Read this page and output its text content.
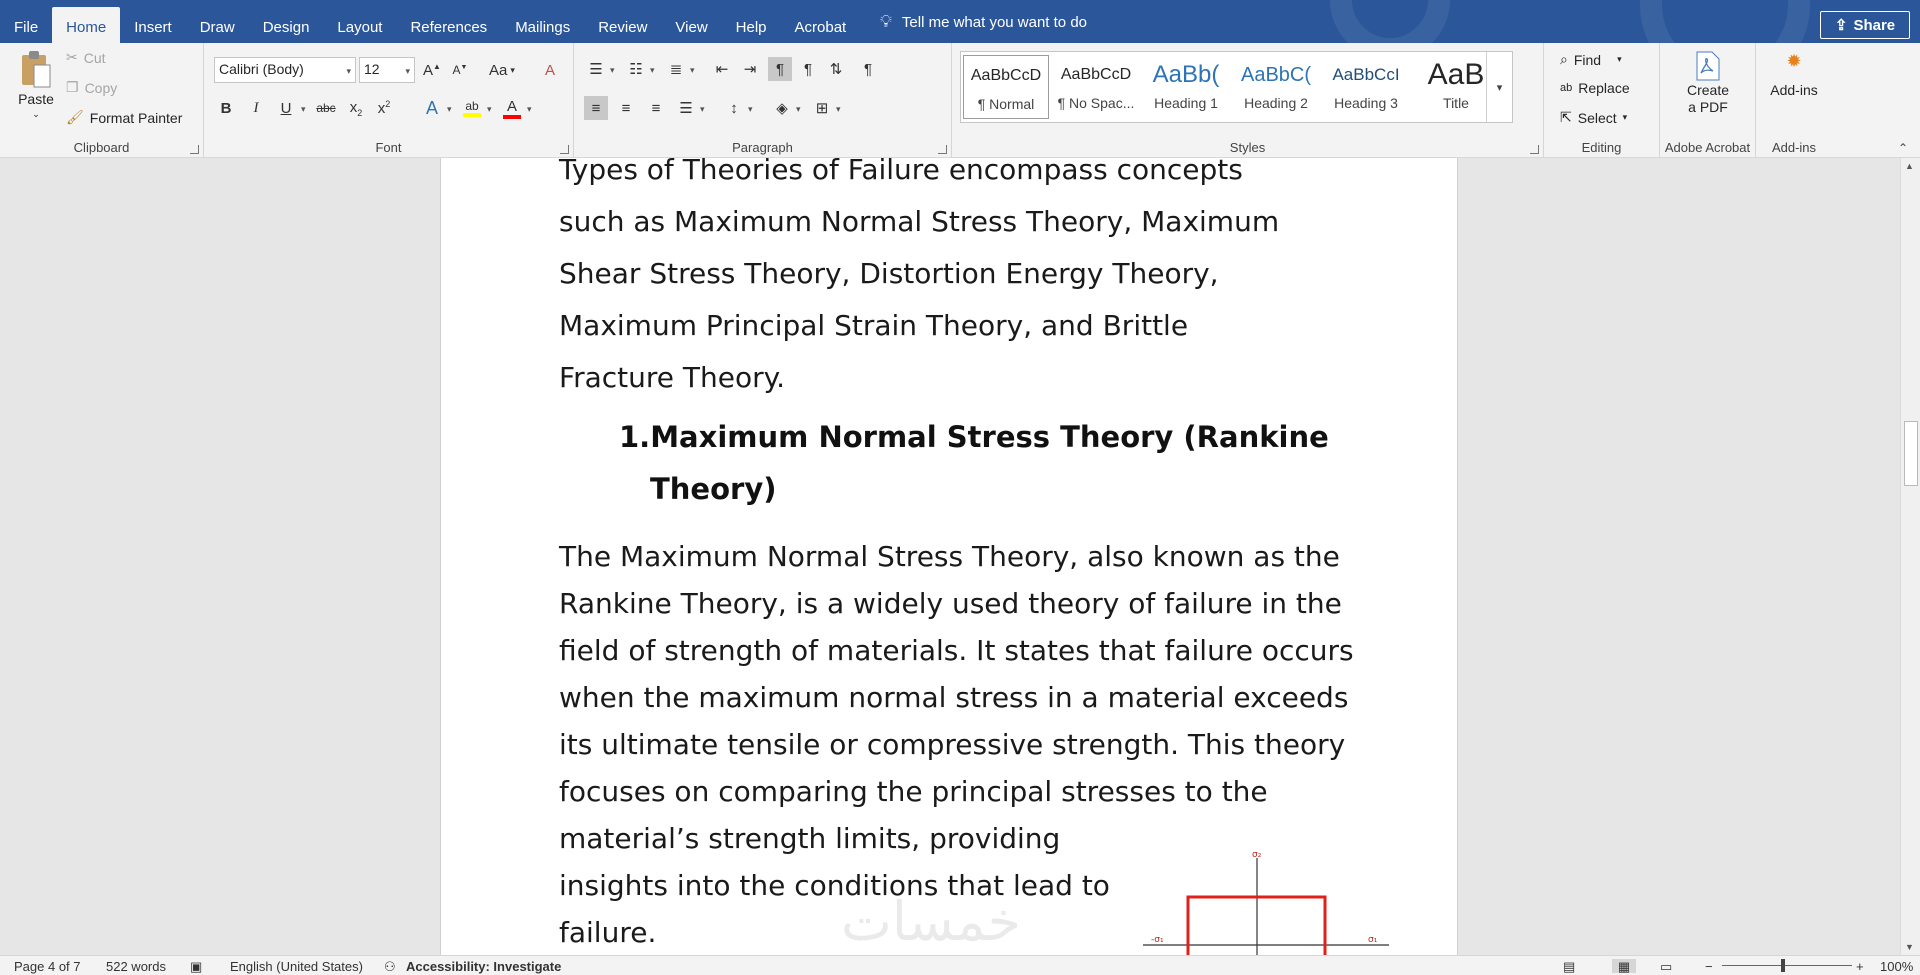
File	Home	Insert	Draw	Design	Layout	References	Mailings	Review	View	Help	Acrobat	💡︎ Tell me what you want to do	⇪ Share
Paste
⌄
✂ Cut
❐ Copy
🖌︎ Format Painter
Clipboard
Calibri (Body)	▾ 12	▾ A▲ A▼ Aa ▾ A
B I U ▾ abc $x_2$ $x^2$ A ▾ ab ▾ A ▾
Font
☰ ▾ ☷ ▾ ≣ ▾ ⇤ ⇥ ¶ ¶ ⇅ ¶
≡ ≡ ≡ ☰ ▾ ↕ ▾ ◈ ▾ ⊞ ▾
Paragraph
AaBbCcD
¶ Normal
AaBbCcD
¶ No Spac...
AaBb(
Heading 1
AaBbC(
Heading 2
AaBbCcI
Heading 3
AaB
Title
▾
Styles
⌕ Find ▾
ab Replace
⇱ Select ▾
Editing
Create
a PDF
Adobe Acrobat
✹
Add-ins
Add-ins	⌃
Types of Theories of Failure encompass concepts
such as Maximum Normal Stress Theory, Maximum
Shear Stress Theory, Distortion Energy Theory,
Maximum Principal Strain Theory, and Brittle
Fracture Theory.
1.Maximum Normal Stress Theory (Rankine
Theory)
The Maximum Normal Stress Theory, also known as the
Rankine Theory, is a widely used theory of failure in the
field of strength of materials. It states that failure occurs
when the maximum normal stress in a material exceeds
its ultimate tensile or compressive strength. This theory
focuses on comparing the principal stresses to the
material’s strength limits, providing
insights into the conditions that lead to
failure.	خمسات
σ₂
σ₁
-σ₁
▲
▼
Page 4 of 7 522 words ▣ English (United States) ⚇ Accessibility: Investigate	▤	▦	▭	−	+ 100%
